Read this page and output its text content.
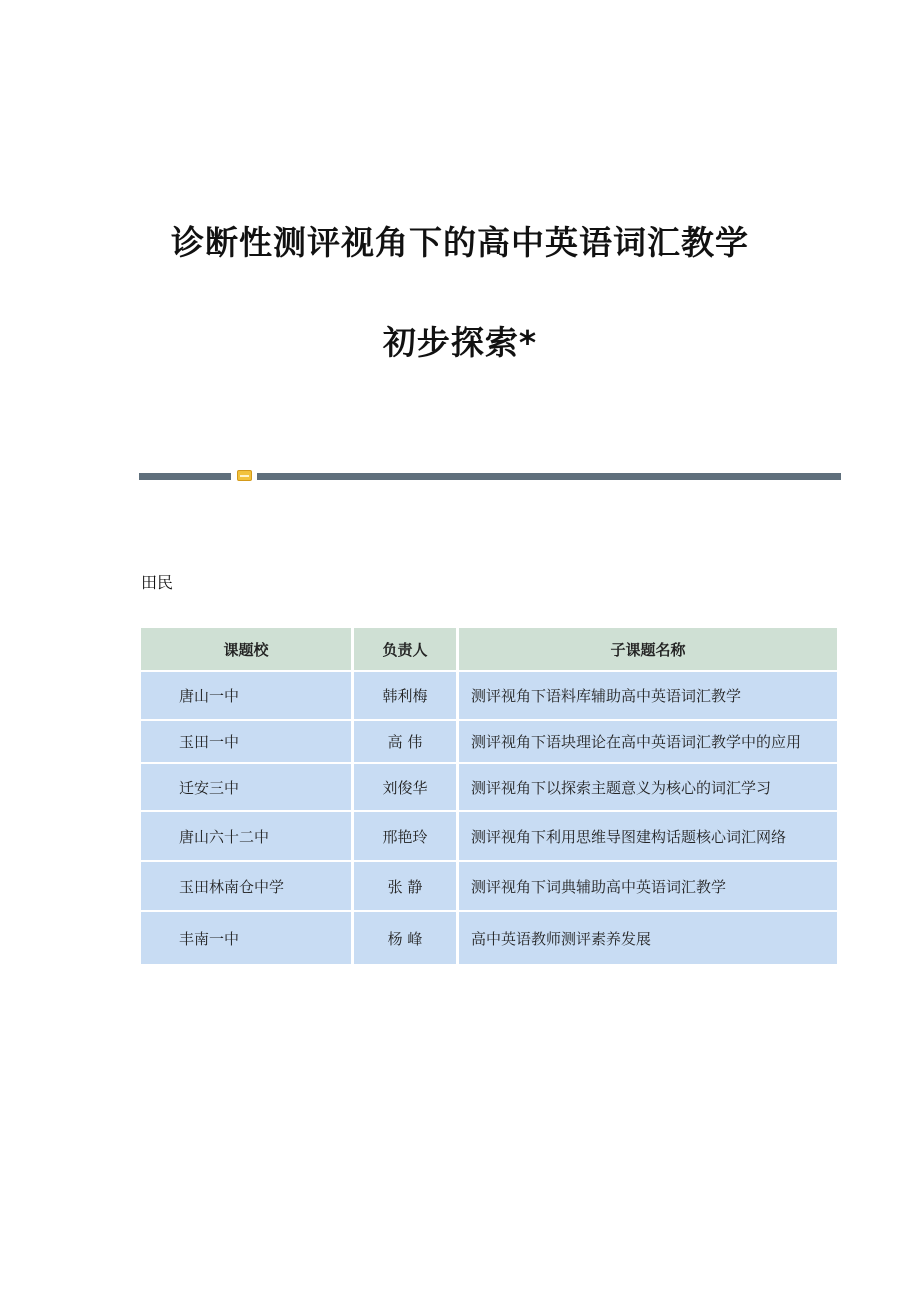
诊断性测评视角下的高中英语词汇教学
初步探索*
田民
课题校	负责人	子课题名称
唐山一中	韩利梅	测评视角下语料库辅助高中英语词汇教学
玉田一中	高 伟	测评视角下语块理论在高中英语词汇教学中的应用
迁安三中	刘俊华	测评视角下以探索主题意义为核心的词汇学习
唐山六十二中	邢艳玲	测评视角下利用思维导图建构话题核心词汇网络
玉田林南仓中学	张 静	测评视角下词典辅助高中英语词汇教学
丰南一中	杨 峰	高中英语教师测评素养发展
